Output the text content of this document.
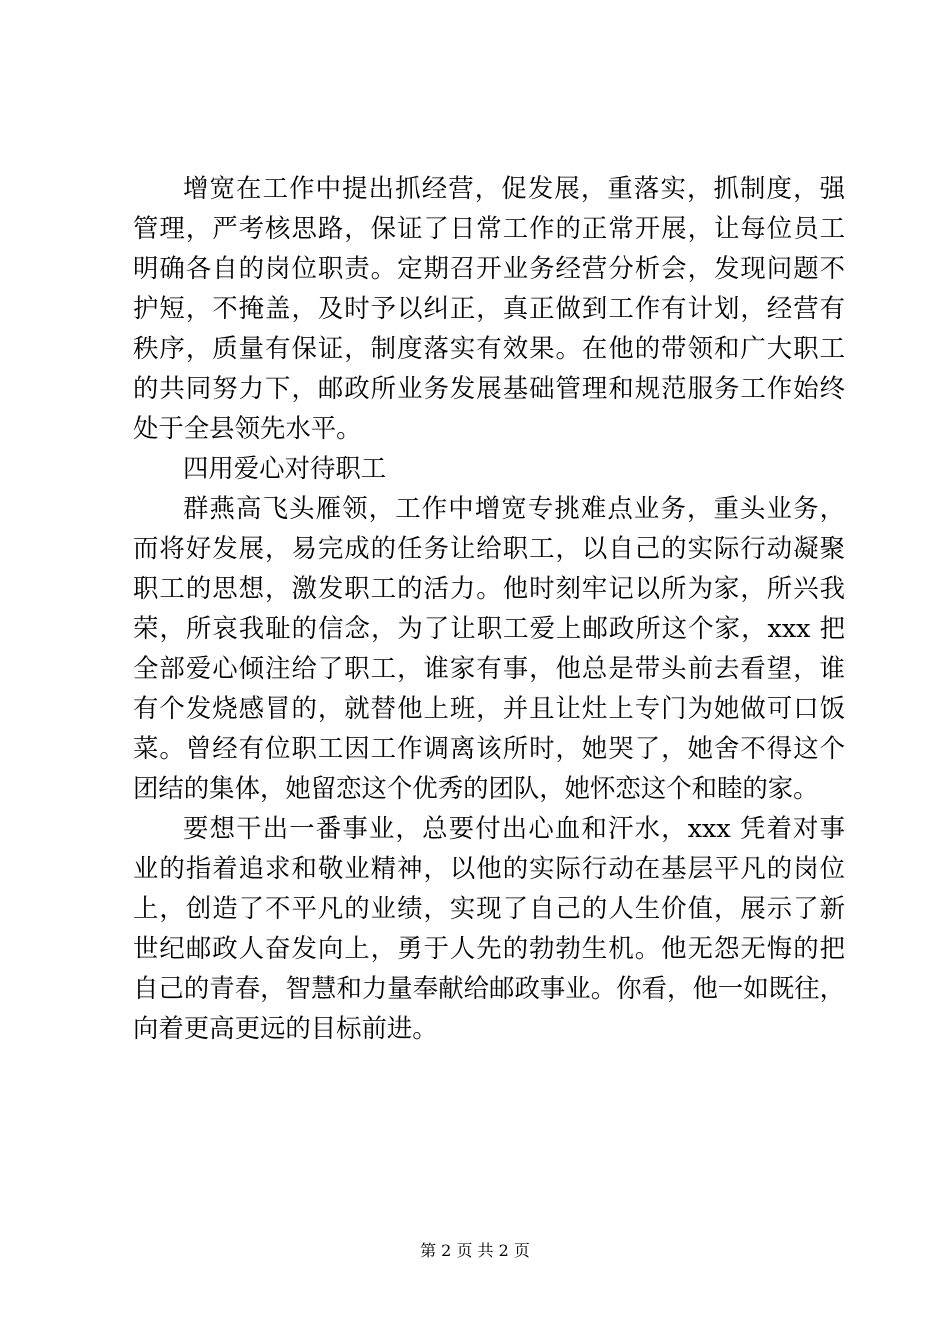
增宽在工作中提出抓经营，促发展，重落实，抓制度，强
管理，严考核思路，保证了日常工作的正常开展，让每位员工
明确各自的岗位职责。定期召开业务经营分析会，发现问题不
护短，不掩盖，及时予以纠正，真正做到工作有计划，经营有
秩序，质量有保证，制度落实有效果。在他的带领和广大职工
的共同努力下，邮政所业务发展基础管理和规范服务工作始终
处于全县领先水平。
四用爱心对待职工
群燕高飞头雁领，工作中增宽专挑难点业务，重头业务，
而将好发展，易完成的任务让给职工，以自己的实际行动凝聚
职工的思想，激发职工的活力。他时刻牢记以所为家，所兴我
荣，所哀我耻的信念，为了让职工爱上邮政所这个家，xxx 把
全部爱心倾注给了职工，谁家有事，他总是带头前去看望，谁
有个发烧感冒的，就替他上班，并且让灶上专门为她做可口饭
菜。曾经有位职工因工作调离该所时，她哭了，她舍不得这个
团结的集体，她留恋这个优秀的团队，她怀恋这个和睦的家。
要想干出一番事业，总要付出心血和汗水，xxx 凭着对事
业的指着追求和敬业精神，以他的实际行动在基层平凡的岗位
上，创造了不平凡的业绩，实现了自己的人生价值，展示了新
世纪邮政人奋发向上，勇于人先的勃勃生机。他无怨无悔的把
自己的青春，智慧和力量奉献给邮政事业。你看，他一如既往，
向着更高更远的目标前进。
第 2 页 共 2 页
